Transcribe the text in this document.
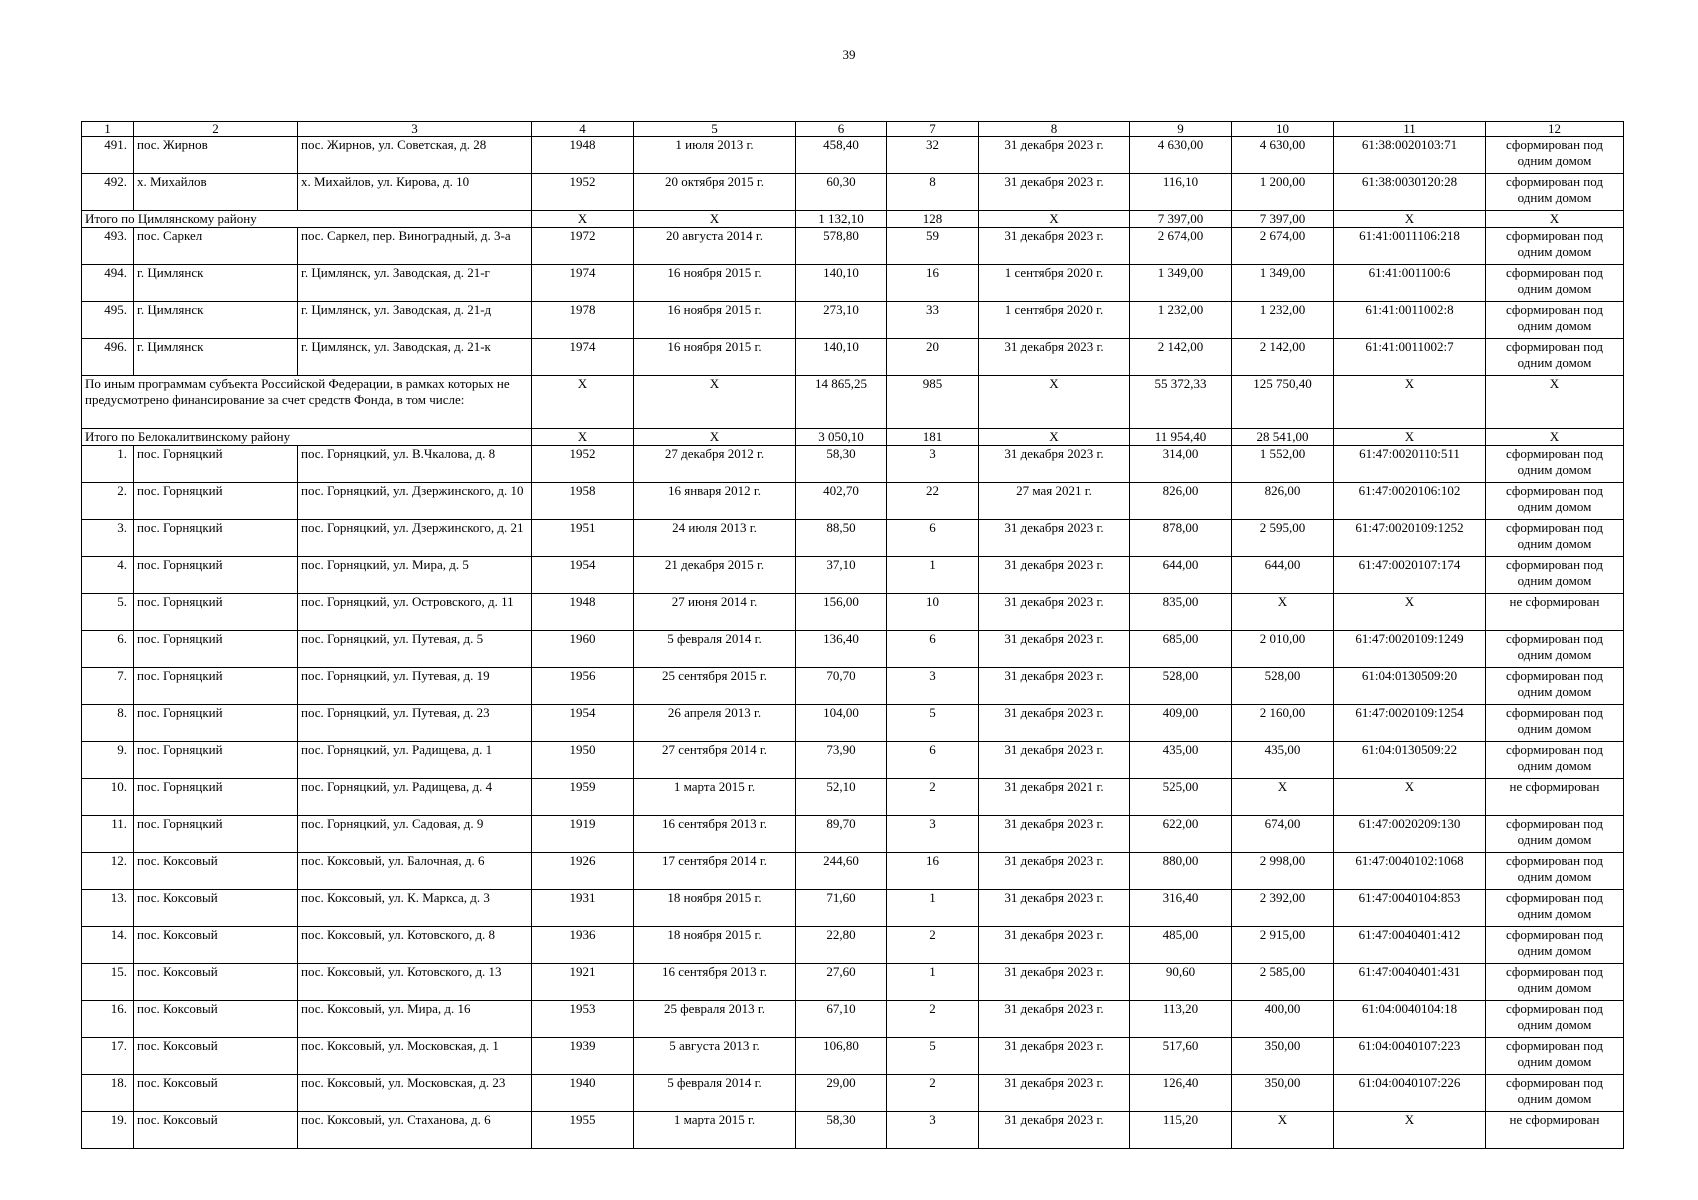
39
1	2	3	4	5	6	7	8	9	10	11	12
491.	пос. Жирнов	пос. Жирнов, ул. Советская, д. 28	1948	1 июля 2013 г.	458,40	32	31 декабря 2023 г.	4 630,00	4 630,00	61:38:0020103:71	сформирован под одним домом
492.	х. Михайлов	х. Михайлов, ул. Кирова, д. 10	1952	20 октября 2015 г.	60,30	8	31 декабря 2023 г.	116,10	1 200,00	61:38:0030120:28	сформирован под одним домом
Итого по Цимлянскому району			Х	Х	1 132,10	128	Х	7 397,00	7 397,00	Х	Х
493.	пос. Саркел	пос. Саркел, пер. Виноградный, д. 3-а	1972	20 августа 2014 г.	578,80	59	31 декабря 2023 г.	2 674,00	2 674,00	61:41:0011106:218	сформирован под одним домом
494.	г. Цимлянск	г. Цимлянск, ул. Заводская, д. 21-г	1974	16 ноября 2015 г.	140,10	16	1 сентября 2020 г.	1 349,00	1 349,00	61:41:001100:6	сформирован под одним домом
495.	г. Цимлянск	г. Цимлянск, ул. Заводская, д. 21-д	1978	16 ноября 2015 г.	273,10	33	1 сентября 2020 г.	1 232,00	1 232,00	61:41:0011002:8	сформирован под одним домом
496.	г. Цимлянск	г. Цимлянск, ул. Заводская, д. 21-к	1974	16 ноября 2015 г.	140,10	20	31 декабря 2023 г.	2 142,00	2 142,00	61:41:0011002:7	сформирован под одним домом
По иным программам субъекта Российской Федерации, в рамках которых не предусмотрено финансирование за счет средств Фонда, в том числе:			Х	Х	14 865,25	985	Х	55 372,33	125 750,40	Х	Х
Итого по Белокалитвинскому району			Х	Х	3 050,10	181	Х	11 954,40	28 541,00	Х	Х
1.	пос. Горняцкий	пос. Горняцкий, ул. В.Чкалова, д. 8	1952	27 декабря 2012 г.	58,30	3	31 декабря 2023 г.	314,00	1 552,00	61:47:0020110:511	сформирован под одним домом
2.	пос. Горняцкий	пос. Горняцкий, ул. Дзержинского, д. 10	1958	16 января 2012 г.	402,70	22	27 мая 2021 г.	826,00	826,00	61:47:0020106:102	сформирован под одним домом
3.	пос. Горняцкий	пос. Горняцкий, ул. Дзержинского, д. 21	1951	24 июля 2013 г.	88,50	6	31 декабря 2023 г.	878,00	2 595,00	61:47:0020109:1252	сформирован под одним домом
4.	пос. Горняцкий	пос. Горняцкий, ул. Мира, д. 5	1954	21 декабря 2015 г.	37,10	1	31 декабря 2023 г.	644,00	644,00	61:47:0020107:174	сформирован под одним домом
5.	пос. Горняцкий	пос. Горняцкий, ул. Островского, д. 11	1948	27 июня 2014 г.	156,00	10	31 декабря 2023 г.	835,00	Х	Х	не сформирован
6.	пос. Горняцкий	пос. Горняцкий, ул. Путевая, д. 5	1960	5 февраля 2014 г.	136,40	6	31 декабря 2023 г.	685,00	2 010,00	61:47:0020109:1249	сформирован под одним домом
7.	пос. Горняцкий	пос. Горняцкий, ул. Путевая, д. 19	1956	25 сентября 2015 г.	70,70	3	31 декабря 2023 г.	528,00	528,00	61:04:0130509:20	сформирован под одним домом
8.	пос. Горняцкий	пос. Горняцкий, ул. Путевая, д. 23	1954	26 апреля 2013 г.	104,00	5	31 декабря 2023 г.	409,00	2 160,00	61:47:0020109:1254	сформирован под одним домом
9.	пос. Горняцкий	пос. Горняцкий, ул. Радищева, д. 1	1950	27 сентября 2014 г.	73,90	6	31 декабря 2023 г.	435,00	435,00	61:04:0130509:22	сформирован под одним домом
10.	пос. Горняцкий	пос. Горняцкий, ул. Радищева, д. 4	1959	1 марта 2015 г.	52,10	2	31 декабря 2021 г.	525,00	Х	Х	не сформирован
11.	пос. Горняцкий	пос. Горняцкий, ул. Садовая, д. 9	1919	16 сентября 2013 г.	89,70	3	31 декабря 2023 г.	622,00	674,00	61:47:0020209:130	сформирован под одним домом
12.	пос. Коксовый	пос. Коксовый, ул. Балочная, д. 6	1926	17 сентября 2014 г.	244,60	16	31 декабря 2023 г.	880,00	2 998,00	61:47:0040102:1068	сформирован под одним домом
13.	пос. Коксовый	пос. Коксовый, ул. К. Маркса, д. 3	1931	18 ноября 2015 г.	71,60	1	31 декабря 2023 г.	316,40	2 392,00	61:47:0040104:853	сформирован под одним домом
14.	пос. Коксовый	пос. Коксовый, ул. Котовского, д. 8	1936	18 ноября 2015 г.	22,80	2	31 декабря 2023 г.	485,00	2 915,00	61:47:0040401:412	сформирован под одним домом
15.	пос. Коксовый	пос. Коксовый, ул. Котовского, д. 13	1921	16 сентября 2013 г.	27,60	1	31 декабря 2023 г.	90,60	2 585,00	61:47:0040401:431	сформирован под одним домом
16.	пос. Коксовый	пос. Коксовый, ул. Мира, д. 16	1953	25 февраля 2013 г.	67,10	2	31 декабря 2023 г.	113,20	400,00	61:04:0040104:18	сформирован под одним домом
17.	пос. Коксовый	пос. Коксовый, ул. Московская, д. 1	1939	5 августа 2013 г.	106,80	5	31 декабря 2023 г.	517,60	350,00	61:04:0040107:223	сформирован под одним домом
18.	пос. Коксовый	пос. Коксовый, ул. Московская, д. 23	1940	5 февраля 2014 г.	29,00	2	31 декабря 2023 г.	126,40	350,00	61:04:0040107:226	сформирован под одним домом
19.	пос. Коксовый	пос. Коксовый, ул. Стаханова, д. 6	1955	1 марта 2015 г.	58,30	3	31 декабря 2023 г.	115,20	Х	Х	не сформирован
